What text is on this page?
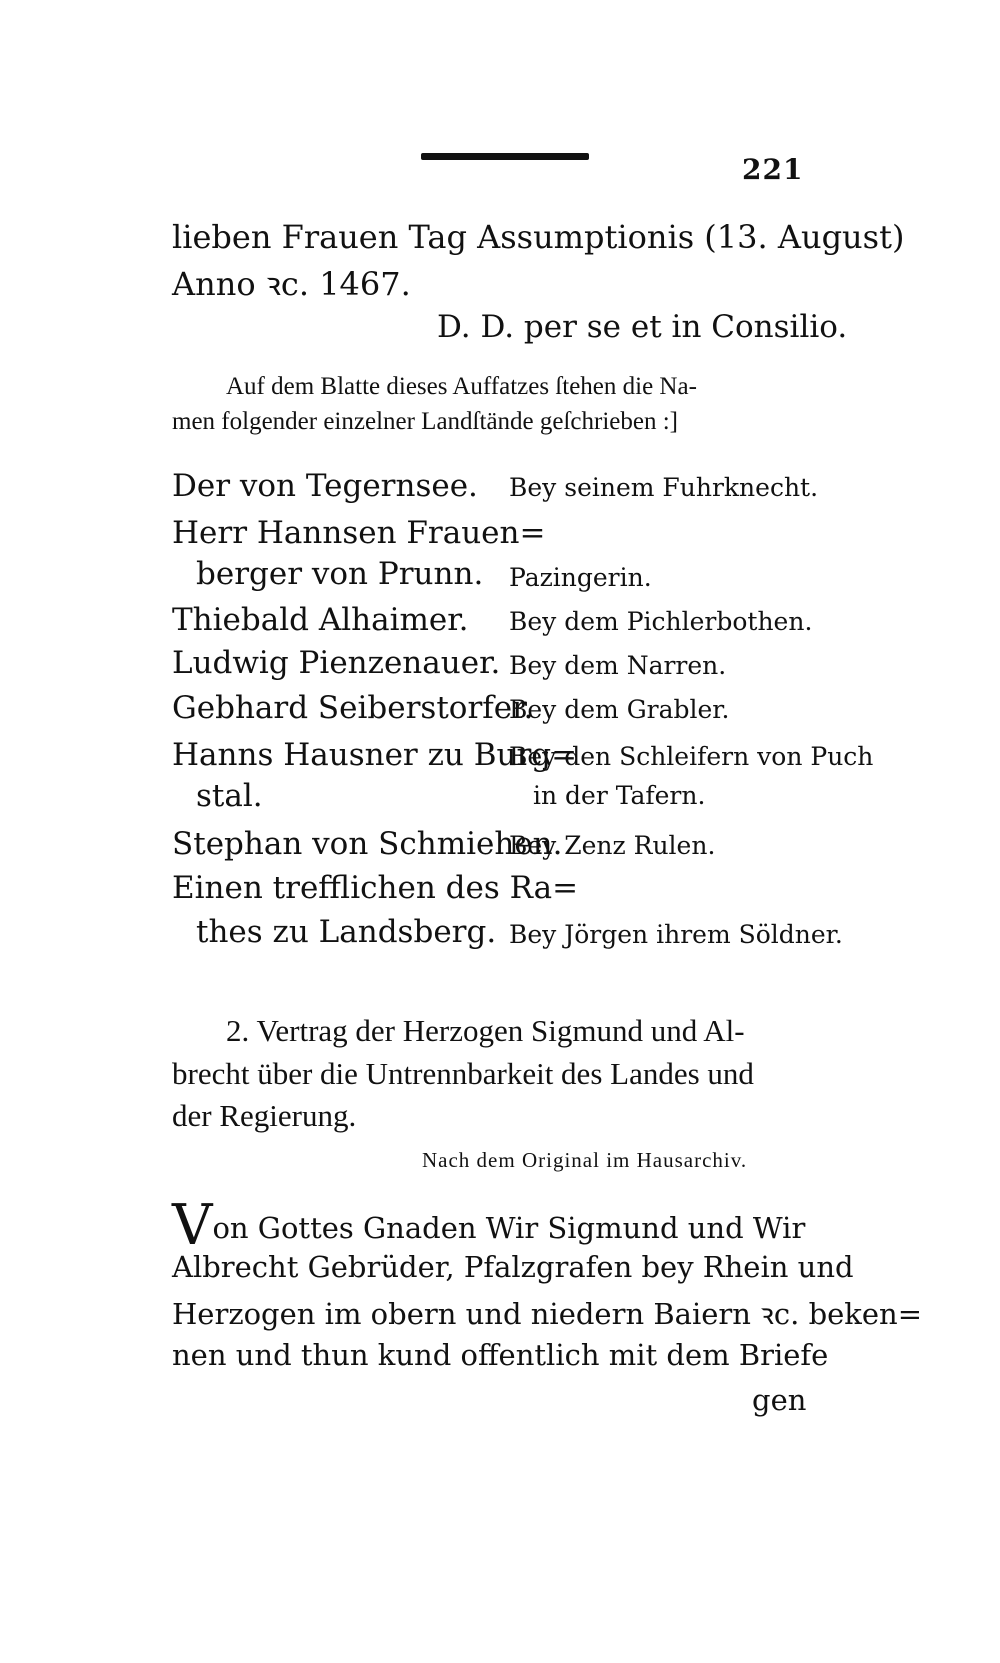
221
lieben Frauen Tag Assumptionis (13. August)
Anno ꝛc. 1467.
D. D. per se et in Consilio.
Auf dem Blatte dieses Auffatzes ſtehen die Na-
men folgender einzelner Landſtände geſchrieben :]
Der von Tegernsee. Bey seinem Fuhrknecht.
Herr Hannsen Frauen=
berger von Prunn. Pazingerin.
Thiebald Alhaimer. Bey dem Pichlerbothen.
Ludwig Pienzenauer. Bey dem Narren.
Gebhard Seiberstorfer.
Bey dem Grabler.
Hanns Hausner zu Burg=
Bey den Schleifern von Puch
stal.	in der Tafern.
Stephan von Schmiehen.
Bey Zenz Rulen.
Einen trefflichen des Ra=
thes zu Landsberg. Bey Jörgen ihrem Söldner.
2. Vertrag der Herzogen Sigmund und Al-
brecht über die Untrennbarkeit des Landes und
der Regierung.
Nach dem Original im Hausarchiv.
Von Gottes Gnaden Wir Sigmund und Wir
Albrecht Gebrüder, Pfalzgrafen bey Rhein und
Herzogen im obern und niedern Baiern ꝛc. beken=
nen und thun kund offentlich mit dem Briefe
gen
